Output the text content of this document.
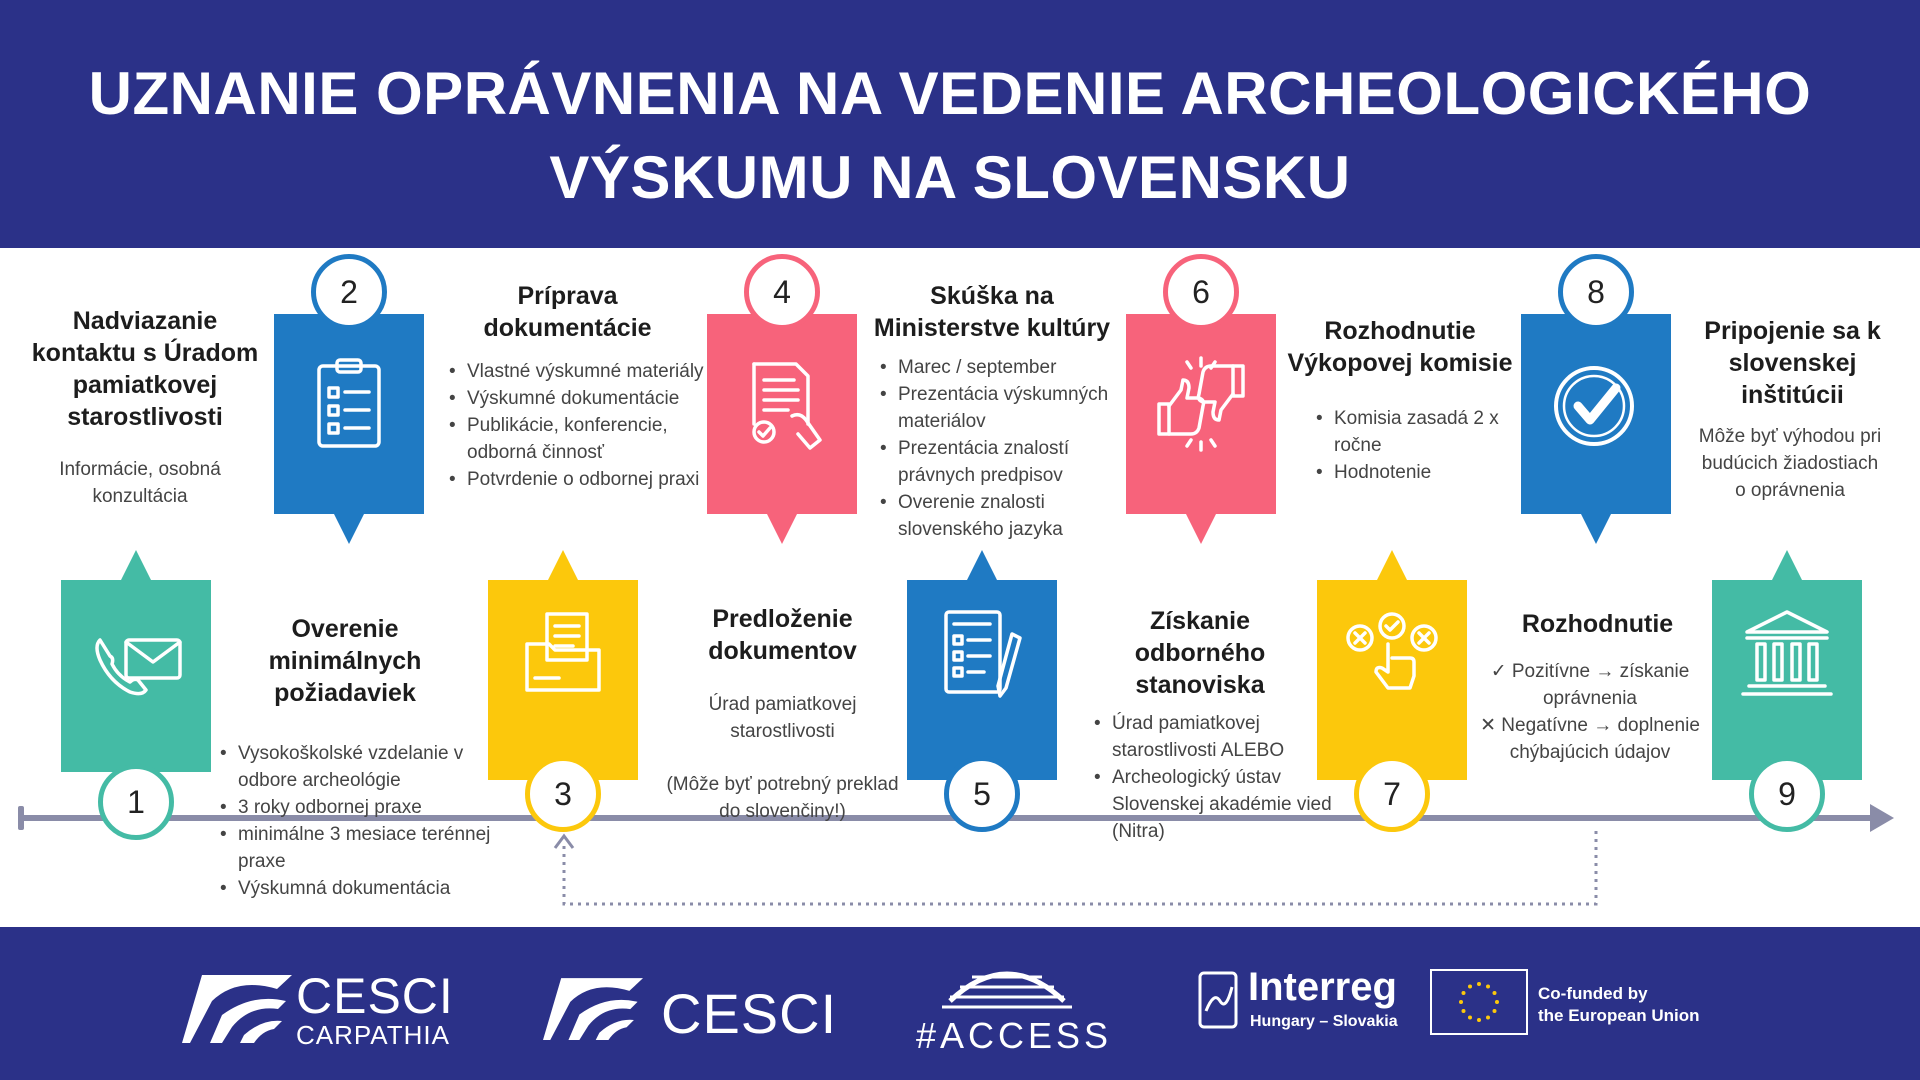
UZNANIE OPRÁVNENIA NA VEDENIE ARCHEOLOGICKÉHO VÝSKUMU NA SLOVENSKU
1
Nadviazanie kontaktu s Úradom pamiatkovej starostlivosti
Informácie, osobná konzultácia
2
Overenie minimálnych požiadaviek
• Vysokoškolské vzdelanie v odbore archeológie
• 3 roky odbornej praxe
• minimálne 3 mesiace terénnej praxe
• Výskumná dokumentácia
3
Príprava dokumentácie
• Vlastné výskumné materiály
• Výskumné dokumentácie
• Publikácie, konferencie, odborná činnosť
• Potvrdenie o odbornej praxi
4
Predloženie dokumentov
Úrad pamiatkovej starostlivosti
(Môže byť potrebný preklad do slovenčiny!)	5
Skúška na Ministerstve kultúry
• Marec / september
• Prezentácia výskumných materiálov
• Prezentácia znalostí právnych predpisov
• Overenie znalosti slovenského jazyka
6
Získanie odborného stanoviska
• Úrad pamiatkovej starostlivosti ALEBO
• Archeologický ústav Slovenskej akadémie vied (Nitra)
7
Rozhodnutie Výkopovej komisie
• Komisia zasadá 2 x ročne
• Hodnotenie
8
Rozhodnutie
✓ Pozitívne → získanie oprávnenia
✕ Negatívne → doplnenie chýbajúcich údajov
9
Pripojenie sa k slovenskej inštitúcii
Môže byť výhodou pri budúcich žiadostiach o oprávnenia
CESCI
CARPATHIA	CESCI #ACCESS
Interreg
Hungary – Slovakia
Co-funded by
the European Union
